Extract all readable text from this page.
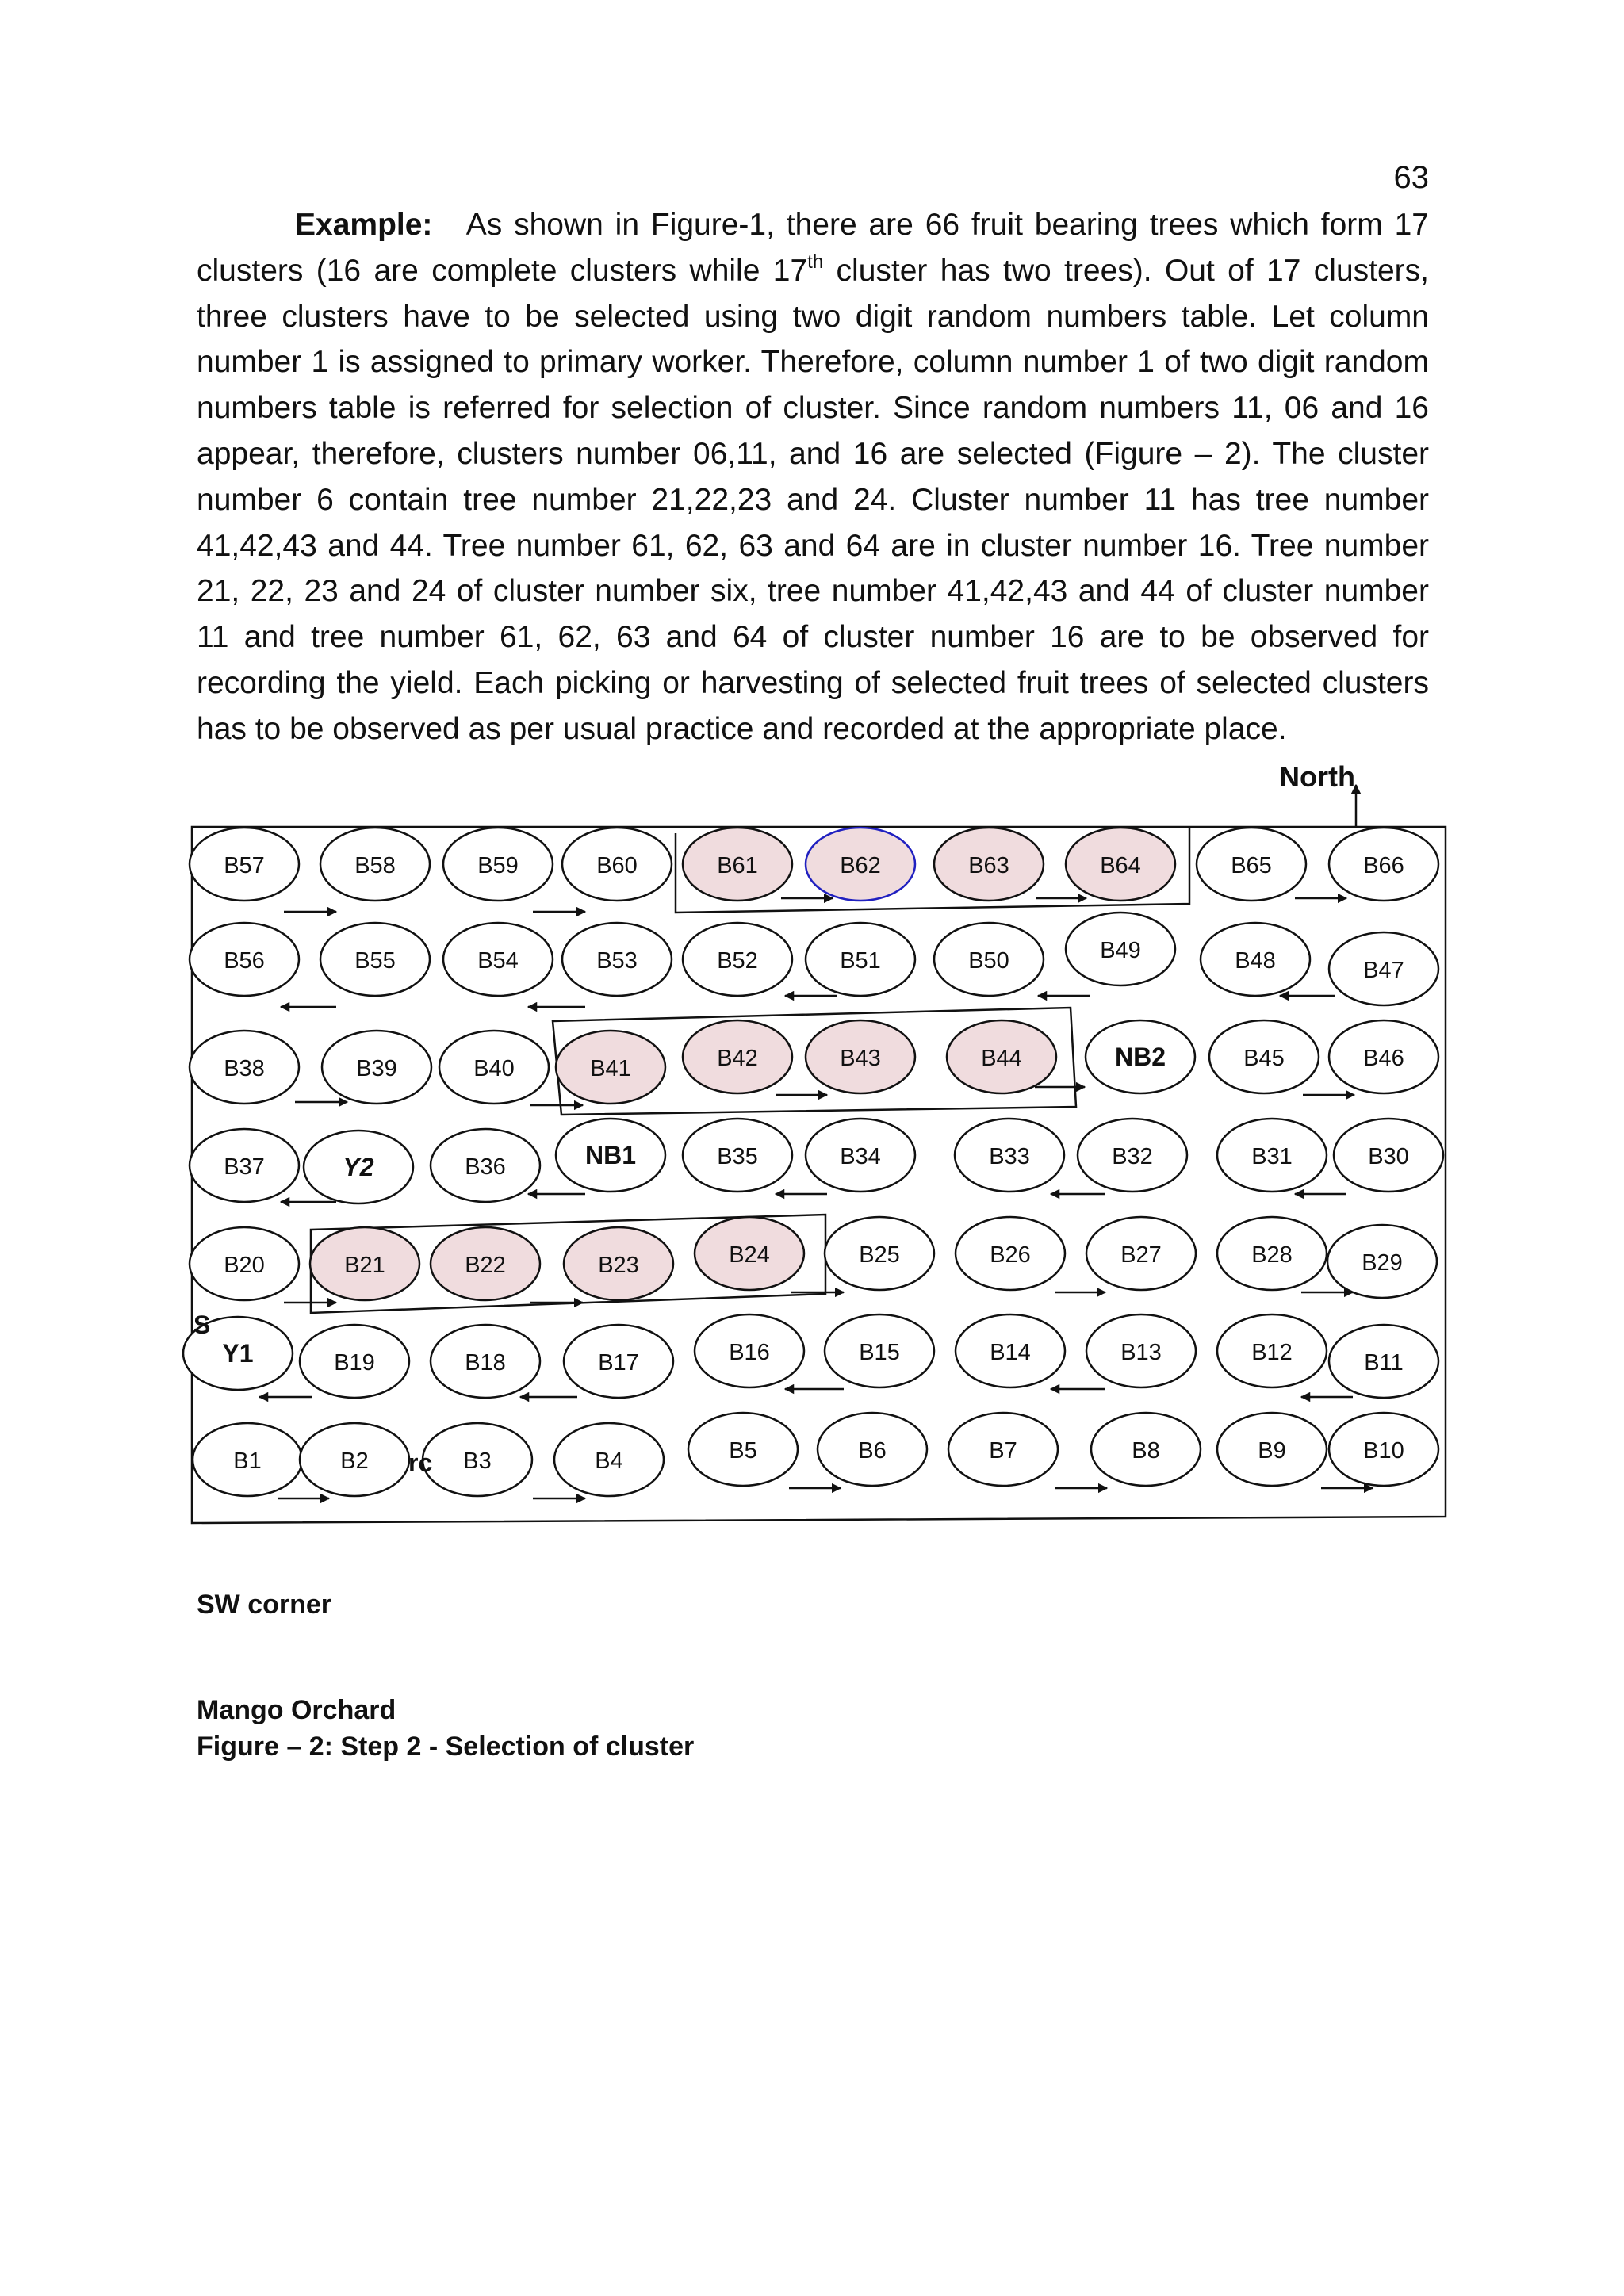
63
Example: As shown in Figure-1, there are 66 fruit bearing trees which form 17 clusters (16 are complete clusters while 17th cluster has two trees). Out of 17 clusters, three clusters have to be selected using two digit random numbers table. Let column number 1 is assigned to primary worker. Therefore, column number 1 of two digit random numbers table is referred for selection of cluster. Since random numbers 11, 06 and 16 appear, therefore, clusters number 06,11, and 16 are selected (Figure – 2). The cluster number 6 contain tree number 21,22,23 and 24. Cluster number 11 has tree number 41,42,43 and 44. Tree number 61, 62, 63 and 64 are in cluster number 16. Tree number 21, 22, 23 and 24 of cluster number six, tree number 41,42,43 and 44 of cluster number 11 and tree number 61, 62, 63 and 64 of cluster number 16 are to be observed for recording the yield. Each picking or harvesting of selected fruit trees of selected clusters has to be observed as per usual practice and recorded at the appropriate place.
B57	B58	B59	B60	B61	B62	B63	B64	B65	B66
B56	B55	B54	B53	B52	B51	B50	B49	B48	B47
B38	B39	B40	B41	B42	B43	B44	NB2	B45	B46
B37	Y2	B36	NB1	B35	B34	B33	B32	B31	B30
B20	B21	B22	B23	B24	B25	B26	B27	B28	B29
Y1	B19	B18	B17	B16	B15	B14	B13	B12	B11
B1	B2	B3	B4	B5	B6	B7	B8	B9	B10
S
rc
North
SW corner
Mango Orchard
Figure – 2: Step 2 - Selection of cluster
